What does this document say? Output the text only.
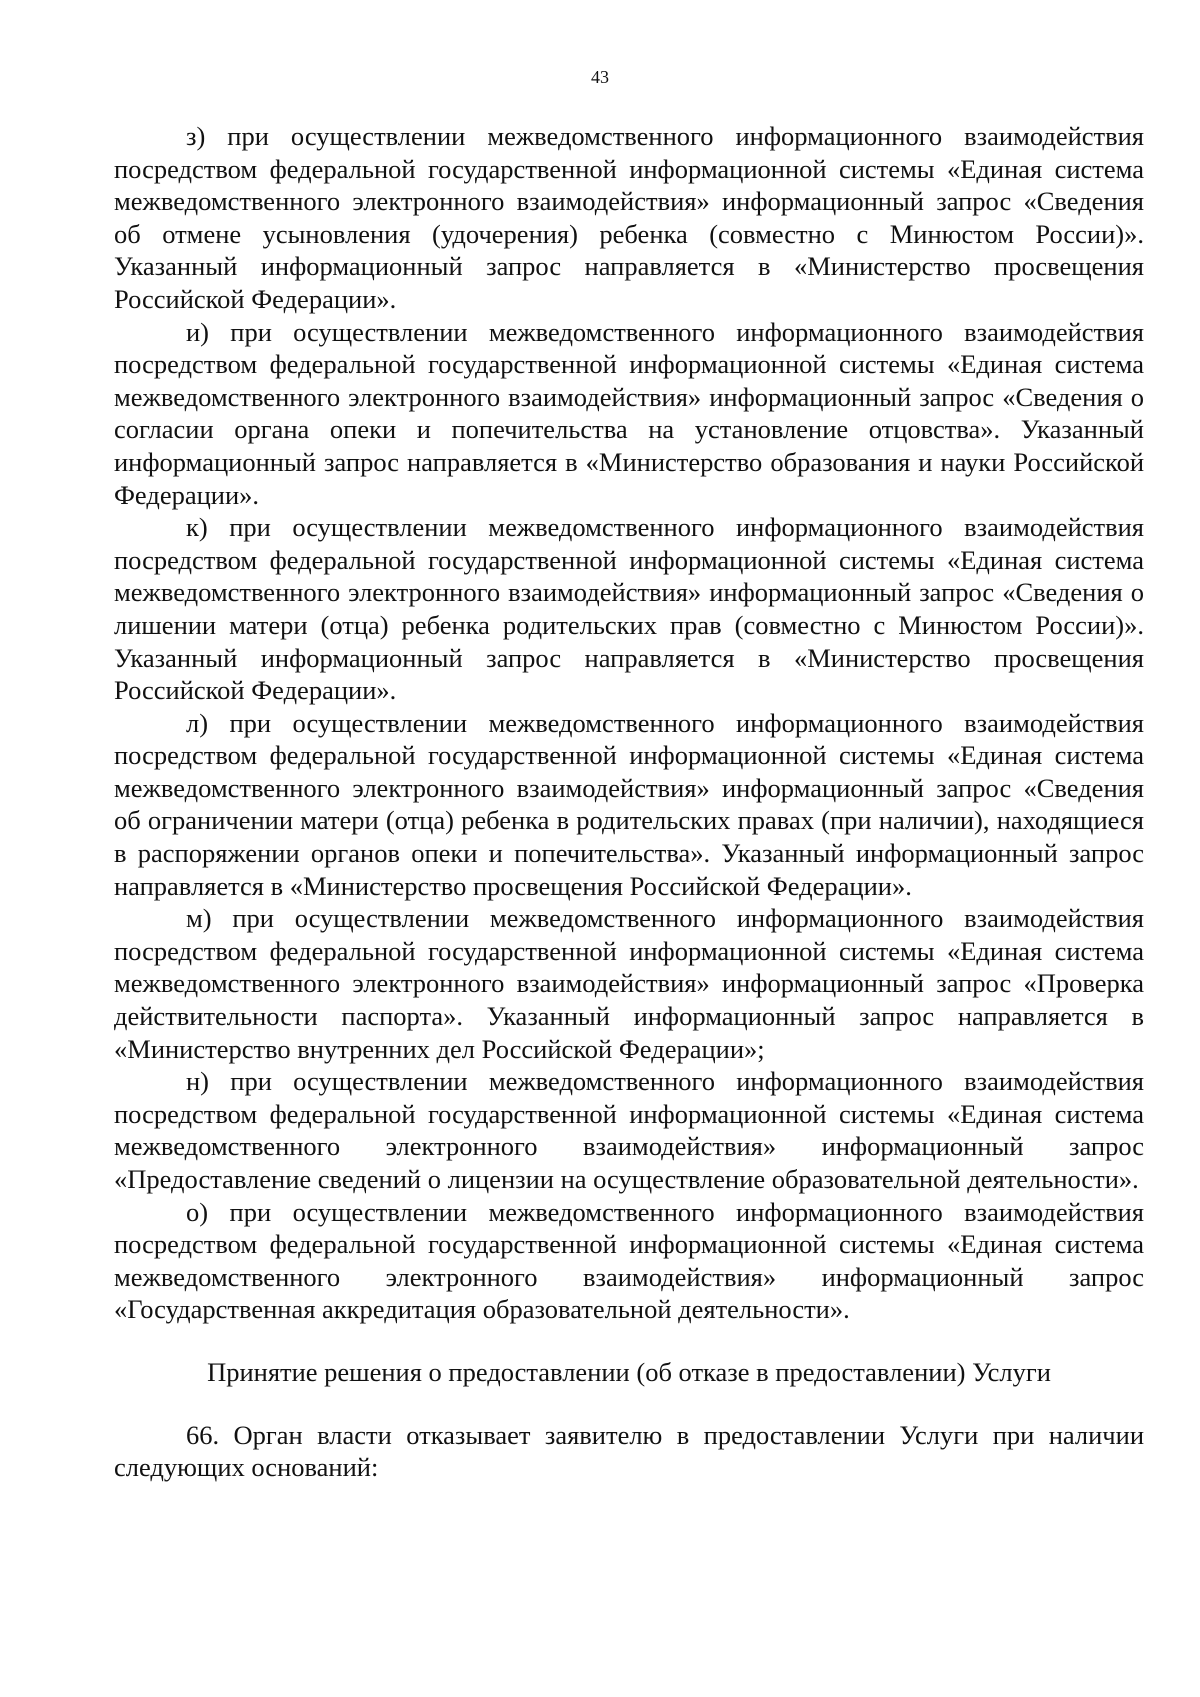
43

з) при осуществлении межведомственного информационного взаимодействия посредством федеральной государственной информационной системы «Единая система межведомственного электронного взаимодействия» информационный запрос «Сведения об отмене усыновления (удочерения) ребенка (совместно с Минюстом России)». Указанный информационный запрос направляется в «Министерство просвещения Российской Федерации».

и) при осуществлении межведомственного информационного взаимодействия посредством федеральной государственной информационной системы «Единая система межведомственного электронного взаимодействия» информационный запрос «Сведения о согласии органа опеки и попечительства на установление отцовства». Указанный информационный запрос направляется в «Министерство образования и науки Российской Федерации».

к) при осуществлении межведомственного информационного взаимодействия посредством федеральной государственной информационной системы «Единая система межведомственного электронного взаимодействия» информационный запрос «Сведения о лишении матери (отца) ребенка родительских прав (совместно с Минюстом России)». Указанный информационный запрос направляется в «Министерство просвещения Российской Федерации».

л) при осуществлении межведомственного информационного взаимодействия посредством федеральной государственной информационной системы «Единая система межведомственного электронного взаимодействия» информационный запрос «Сведения об ограничении матери (отца) ребенка в родительских правах (при наличии), находящиеся в распоряжении органов опеки и попечительства». Указанный информационный запрос направляется в «Министерство просвещения Российской Федерации».

м) при осуществлении межведомственного информационного взаимодействия посредством федеральной государственной информационной системы «Единая система межведомственного электронного взаимодействия» информационный запрос «Проверка действительности паспорта». Указанный информационный запрос направляется в «Министерство внутренних дел Российской Федерации»;

н) при осуществлении межведомственного информационного взаимодействия посредством федеральной государственной информационной системы «Единая система межведомственного электронного взаимодействия» информационный запрос «Предоставление сведений о лицензии на осуществление образовательной деятельности».

о) при осуществлении межведомственного информационного взаимодействия посредством федеральной государственной информационной системы «Единая система межведомственного электронного взаимодействия» информационный запрос «Государственная аккредитация образовательной деятельности».

Принятие решения о предоставлении (об отказе в предоставлении) Услуги

66. Орган власти отказывает заявителю в предоставлении Услуги при наличии следующих оснований:
